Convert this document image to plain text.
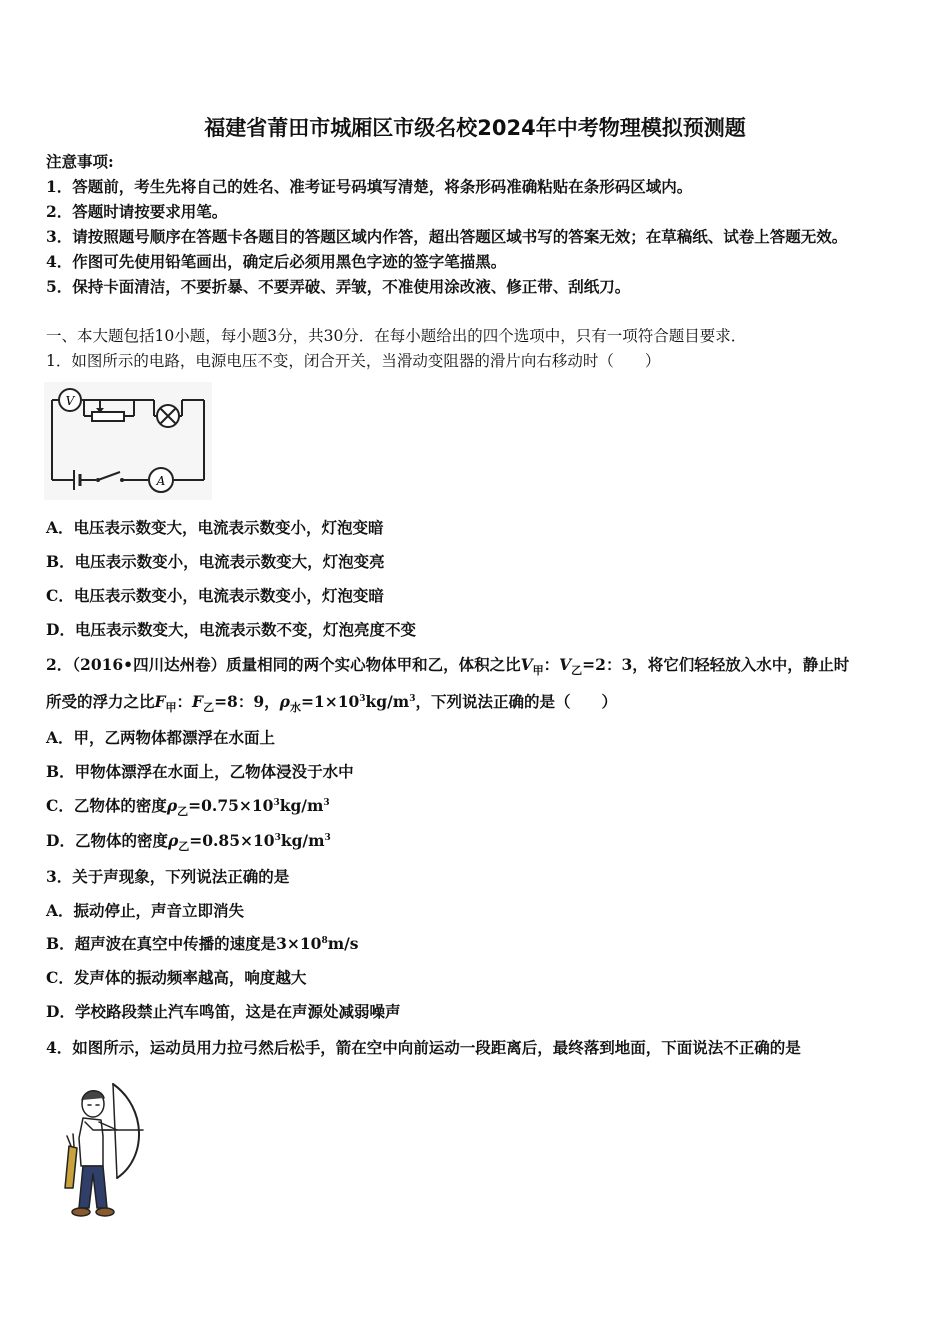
福建省莆田市城厢区市级名校2024年中考物理模拟预测题
注意事项:
1．答题前，考生先将自己的姓名、准考证号码填写清楚，将条形码准确粘贴在条形码区域内。
2．答题时请按要求用笔。
3．请按照题号顺序在答题卡各题目的答题区域内作答，超出答题区域书写的答案无效；在草稿纸、试卷上答题无效。
4．作图可先使用铅笔画出，确定后必须用黑色字迹的签字笔描黑。
5．保持卡面清洁，不要折暴、不要弄破、弄皱，不准使用涂改液、修正带、刮纸刀。
一、本大题包括10小题，每小题3分，共30分．在每小题给出的四个选项中，只有一项符合题目要求．
1．如图所示的电路，电源电压不变，闭合开关，当滑动变阻器的滑片向右移动时（　　）
V
A
A．电压表示数变大，电流表示数变小，灯泡变暗
B．电压表示数变小，电流表示数变大，灯泡变亮
C．电压表示数变小，电流表示数变小，灯泡变暗
D．电压表示数变大，电流表示数不变，灯泡亮度不变
2．（2016•四川达州卷）质量相同的两个实心物体甲和乙，体积之比$V_甲$：$V_乙=2$：3，将它们轻轻放入水中，静止时
所受的浮力之比$F_甲$：$F_乙=8$：9，$\rho_水=1\times 10^3kg/m^3$，下列说法正确的是（　　）
A．甲，乙两物体都漂浮在水面上
B．甲物体漂浮在水面上，乙物体浸没于水中
C．乙物体的密度$\rho_乙=0.75\times 10^3kg/m^3$
D．乙物体的密度$\rho_乙=0.85\times 10^3kg/m^3$
3．关于声现象，下列说法正确的是
A．振动停止，声音立即消失
B．超声波在真空中传播的速度是$3\times 10^8m/s$
C．发声体的振动频率越高，响度越大
D．学校路段禁止汽车鸣笛，这是在声源处减弱噪声
4．如图所示，运动员用力拉弓然后松手，箭在空中向前运动一段距离后，最终落到地面，下面说法不正确的是
